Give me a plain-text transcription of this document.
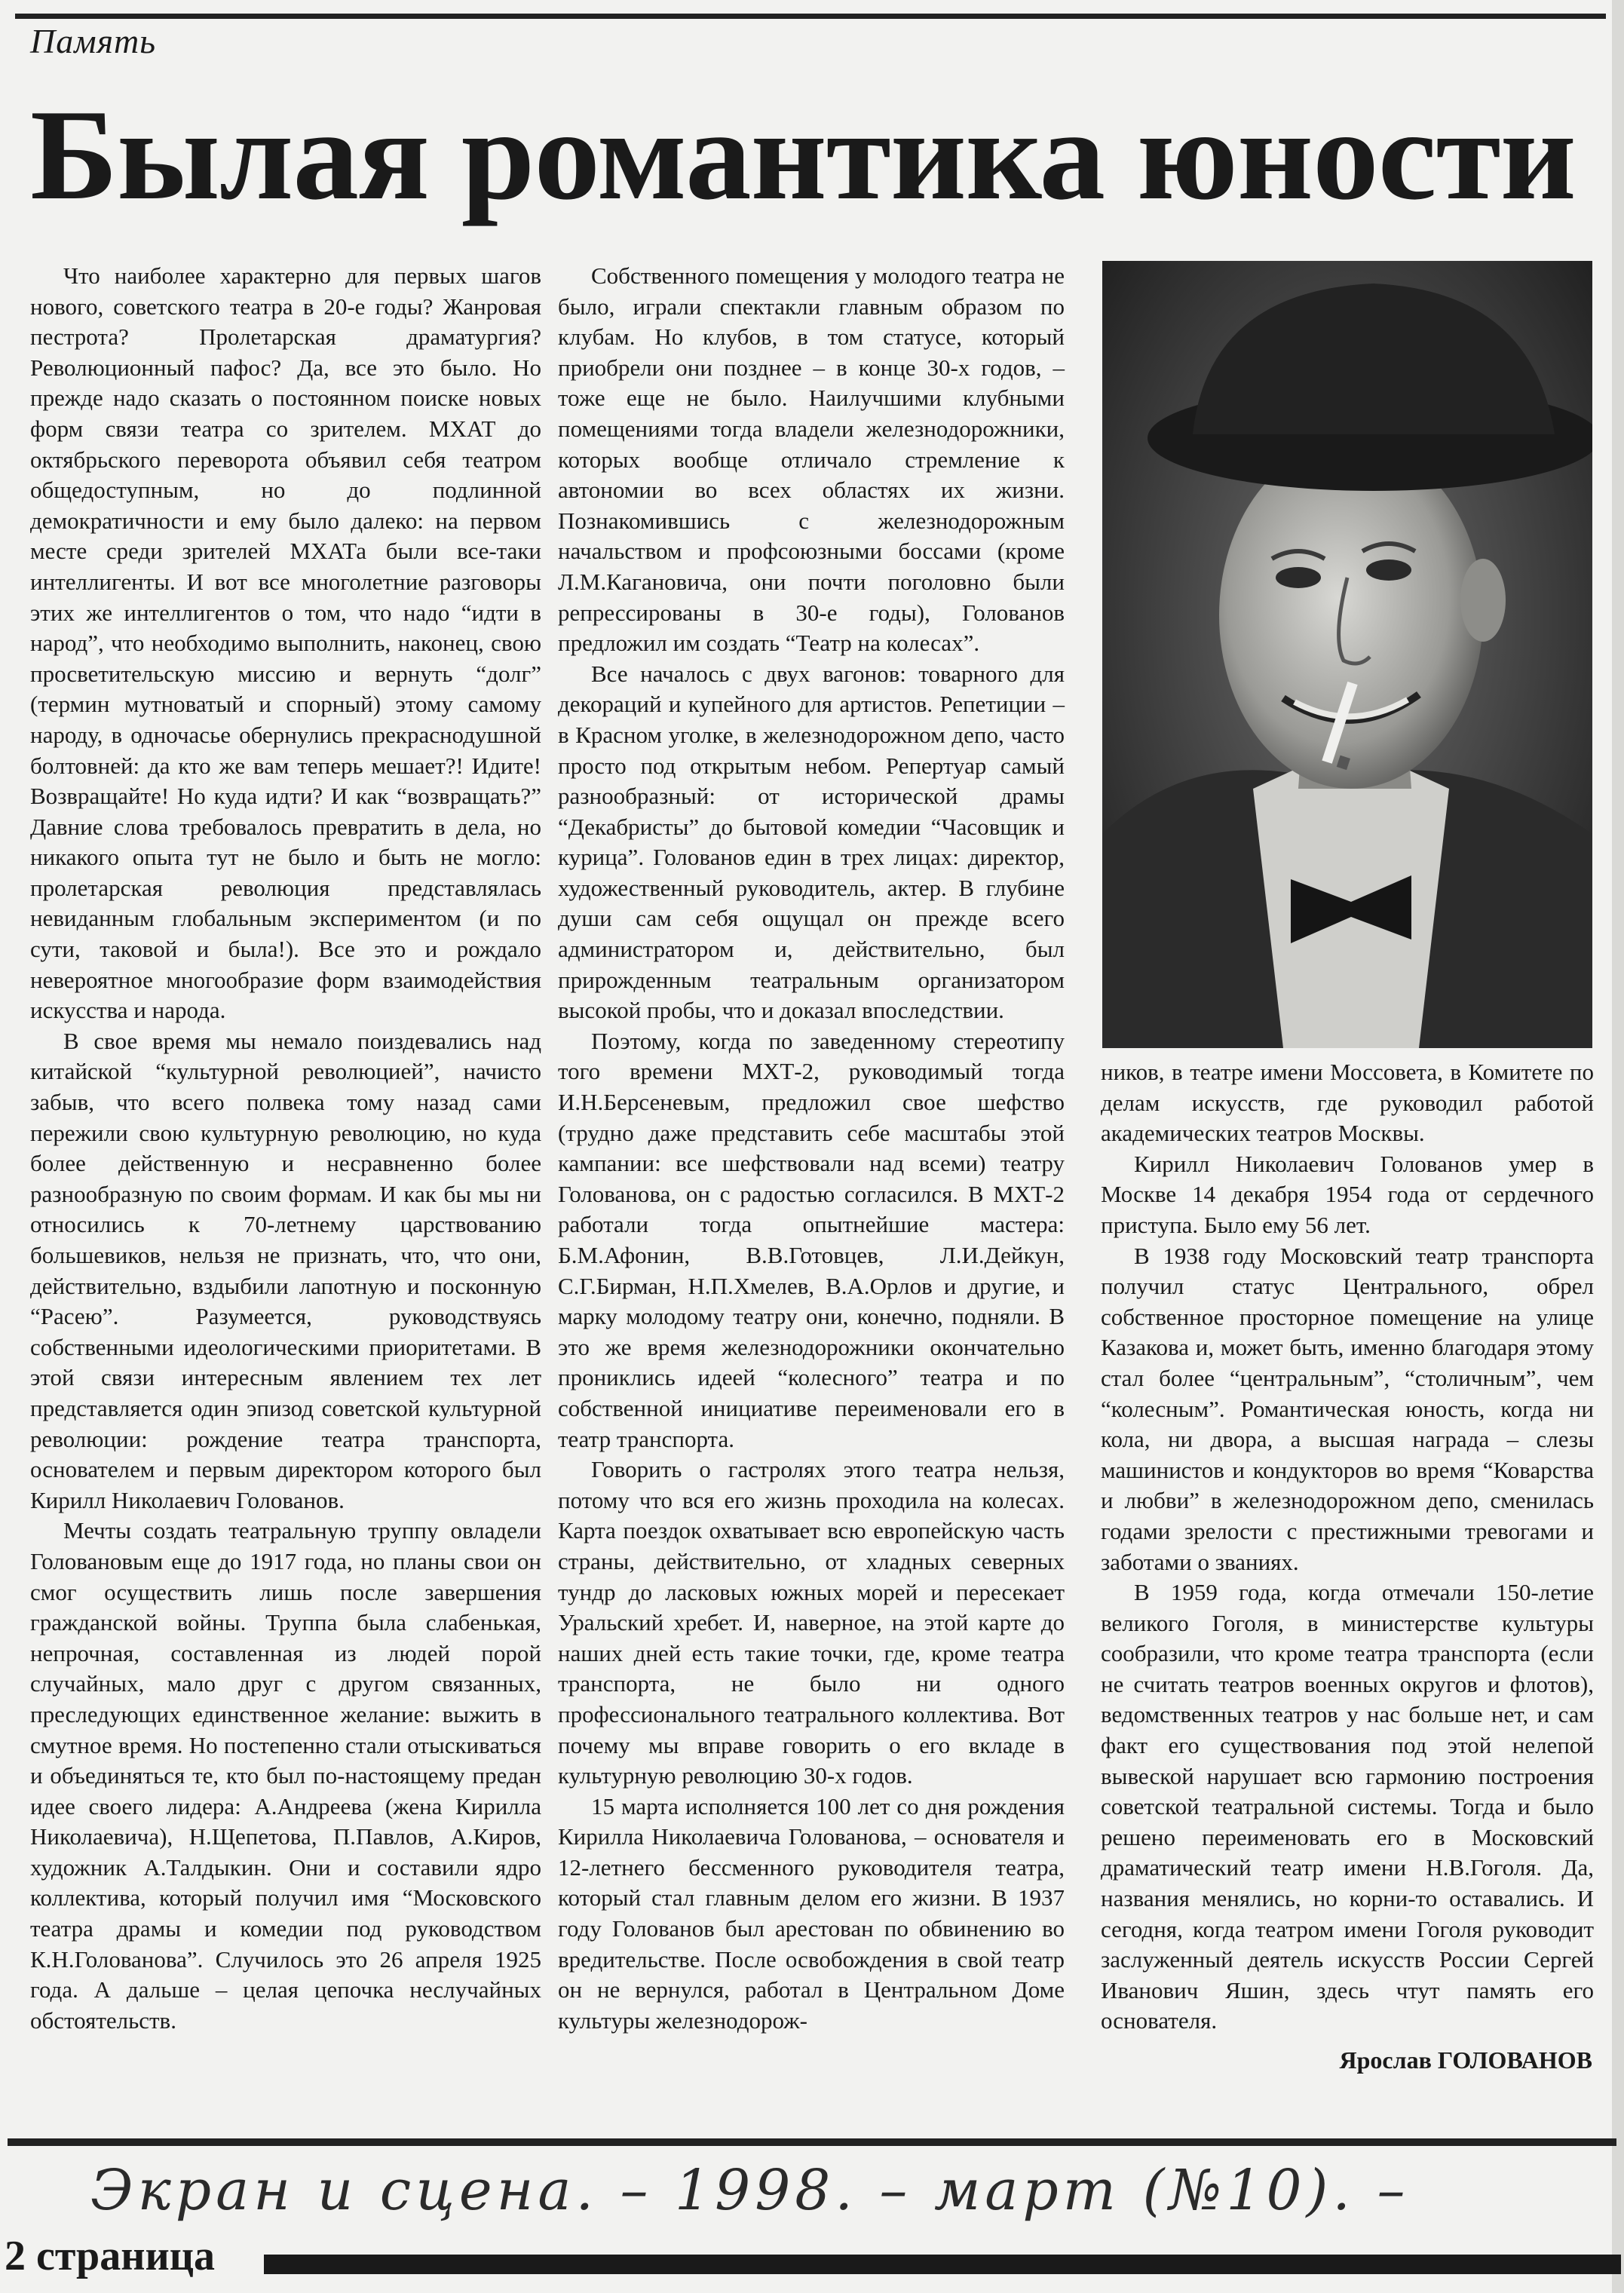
Память
Былая романтика юности

Что наиболее характерно для первых шагов нового, советского театра в 20-е годы? Жанровая пестрота? Пролетарская драматургия? Революционный пафос? Да, все это было. Но прежде надо сказать о постоянном поиске новых форм связи театра со зрителем. МХАТ до октябрьского переворота объявил себя театром общедоступным, но до подлинной демократичности и ему было далеко: на первом месте среди зрителей МХАТа были все-таки интеллигенты. И вот все многолетние разговоры этих же интеллигентов о том, что надо “идти в народ”, что необходимо выполнить, наконец, свою просветительскую миссию и вернуть “долг” (термин мутноватый и спорный) этому самому народу, в одночасье обернулись прекраснодушной болтовней: да кто же вам теперь мешает?! Идите! Возвращайте! Но куда идти? И как “возвращать?” Давние слова требовалось превратить в дела, но никакого опыта тут не было и быть не могло: пролетарская революция представлялась невиданным глобальным экспериментом (и по сути, таковой и была!). Все это и рождало невероятное многообразие форм взаимодействия искусства и народа.

В свое время мы немало поиздевались над китайской “культурной революцией”, начисто забыв, что всего полвека тому назад сами пережили свою культурную революцию, но куда более действенную и несравненно более разнообразную по своим формам. И как бы мы ни относились к 70-летнему царствованию большевиков, нельзя не признать, что, что они, действительно, вздыбили лапотную и посконную “Расею”. Разумеется, руководствуясь собственными идеологическими приоритетами. В этой связи интересным явлением тех лет представляется один эпизод советской культурной революции: рождение театра транспорта, основателем и первым директором которого был Кирилл Николаевич Голованов.

Мечты создать театральную труппу овладели Головановым еще до 1917 года, но планы свои он смог осуществить лишь после завершения гражданской войны. Труппа была слабенькая, непрочная, составленная из людей порой случайных, мало друг с другом связанных, преследующих единственное желание: выжить в смутное время. Но постепенно стали отыскиваться и объединяться те, кто был по-настоящему предан идее своего лидера: А.Андреева (жена Кирилла Николаевича), Н.Щепетова, П.Павлов, А.Киров, художник А.Талдыкин. Они и составили ядро коллектива, который получил имя “Московского театра драмы и комедии под руководством К.Н.Голованова”. Случилось это 26 апреля 1925 года. А дальше – целая цепочка неслучайных обстоятельств.

Собственного помещения у молодого театра не было, играли спектакли главным образом по клубам. Но клубов, в том статусе, который приобрели они позднее – в конце 30-х годов, – тоже еще не было. Наилучшими клубными помещениями тогда владели железнодорожники, которых вообще отличало стремление к автономии во всех областях их жизни. Познакомившись с железнодорожным начальством и профсоюзными боссами (кроме Л.М.Кагановича, они почти поголовно были репрессированы в 30-е годы), Голованов предложил им создать “Театр на колесах”.

Все началось с двух вагонов: товарного для декораций и купейного для артистов. Репетиции – в Красном уголке, в железнодорожном депо, часто просто под открытым небом. Репертуар самый разнообразный: от исторической драмы “Декабристы” до бытовой комедии “Часовщик и курица”. Голованов един в трех лицах: директор, художественный руководитель, актер. В глубине души сам себя ощущал он прежде всего администратором и, действительно, был прирожденным театральным организатором высокой пробы, что и доказал впоследствии.

Поэтому, когда по заведенному стереотипу того времени МХТ-2, руководимый тогда И.Н.Берсеневым, предложил свое шефство (трудно даже представить себе масштабы этой кампании: все шефствовали над всеми) театру Голованова, он с радостью согласился. В МХТ-2 работали тогда опытнейшие мастера: Б.М.Афонин, В.В.Готовцев, Л.И.Дейкун, С.Г.Бирман, Н.П.Хмелев, В.А.Орлов и другие, и марку молодому театру они, конечно, подняли. В это же время железнодорожники окончательно прониклись идеей “колесного” театра и по собственной инициативе переименовали его в театр транспорта.

Говорить о гастролях этого театра нельзя, потому что вся его жизнь проходила на колесах. Карта поездок охватывает всю европейскую часть страны, действительно, от хладных северных тундр до ласковых южных морей и пересекает Уральский хребет. И, наверное, на этой карте до наших дней есть такие точки, где, кроме театра транспорта, не было ни одного профессионального театрального коллектива. Вот почему мы вправе говорить о его вкладе в культурную революцию 30-х годов.

15 марта исполняется 100 лет со дня рождения Кирилла Николаевича Голованова, – основателя и 12-летнего бессменного руководителя театра, который стал главным делом его жизни. В 1937 году Голованов был арестован по обвинению во вредительстве. После освобождения в свой театр он не вернулся, работал в Центральном Доме культуры железнодорож-

ников, в театре имени Моссовета, в Комитете по делам искусств, где руководил работой академических театров Москвы.

Кирилл Николаевич Голованов умер в Москве 14 декабря 1954 года от сердечного приступа. Было ему 56 лет.

В 1938 году Московский театр транспорта получил статус Центрального, обрел собственное просторное помещение на улице Казакова и, может быть, именно благодаря этому стал более “центральным”, “столичным”, чем “колесным”. Романтическая юность, когда ни кола, ни двора, а высшая награда – слезы машинистов и кондукторов во время “Коварства и любви” в железнодорожном депо, сменилась годами зрелости с престижными тревогами и заботами о званиях.

В 1959 года, когда отмечали 150-летие великого Гоголя, в министерстве культуры сообразили, что кроме театра транспорта (если не считать театров военных округов и флотов), ведомственных театров у нас больше нет, и сам факт его существования под этой нелепой вывеской нарушает всю гармонию построения советской театральной системы. Тогда и было решено переименовать его в Московский драматический театр имени Н.В.Гоголя. Да, названия менялись, но корни-то оставались. И сегодня, когда театром имени Гоголя руководит заслуженный деятель искусств России Сергей Иванович Яшин, здесь чтут память его основателя.

Ярослав ГОЛОВАНОВ
Экран и сцена. – 1998. – март (№10). –
2 страница
